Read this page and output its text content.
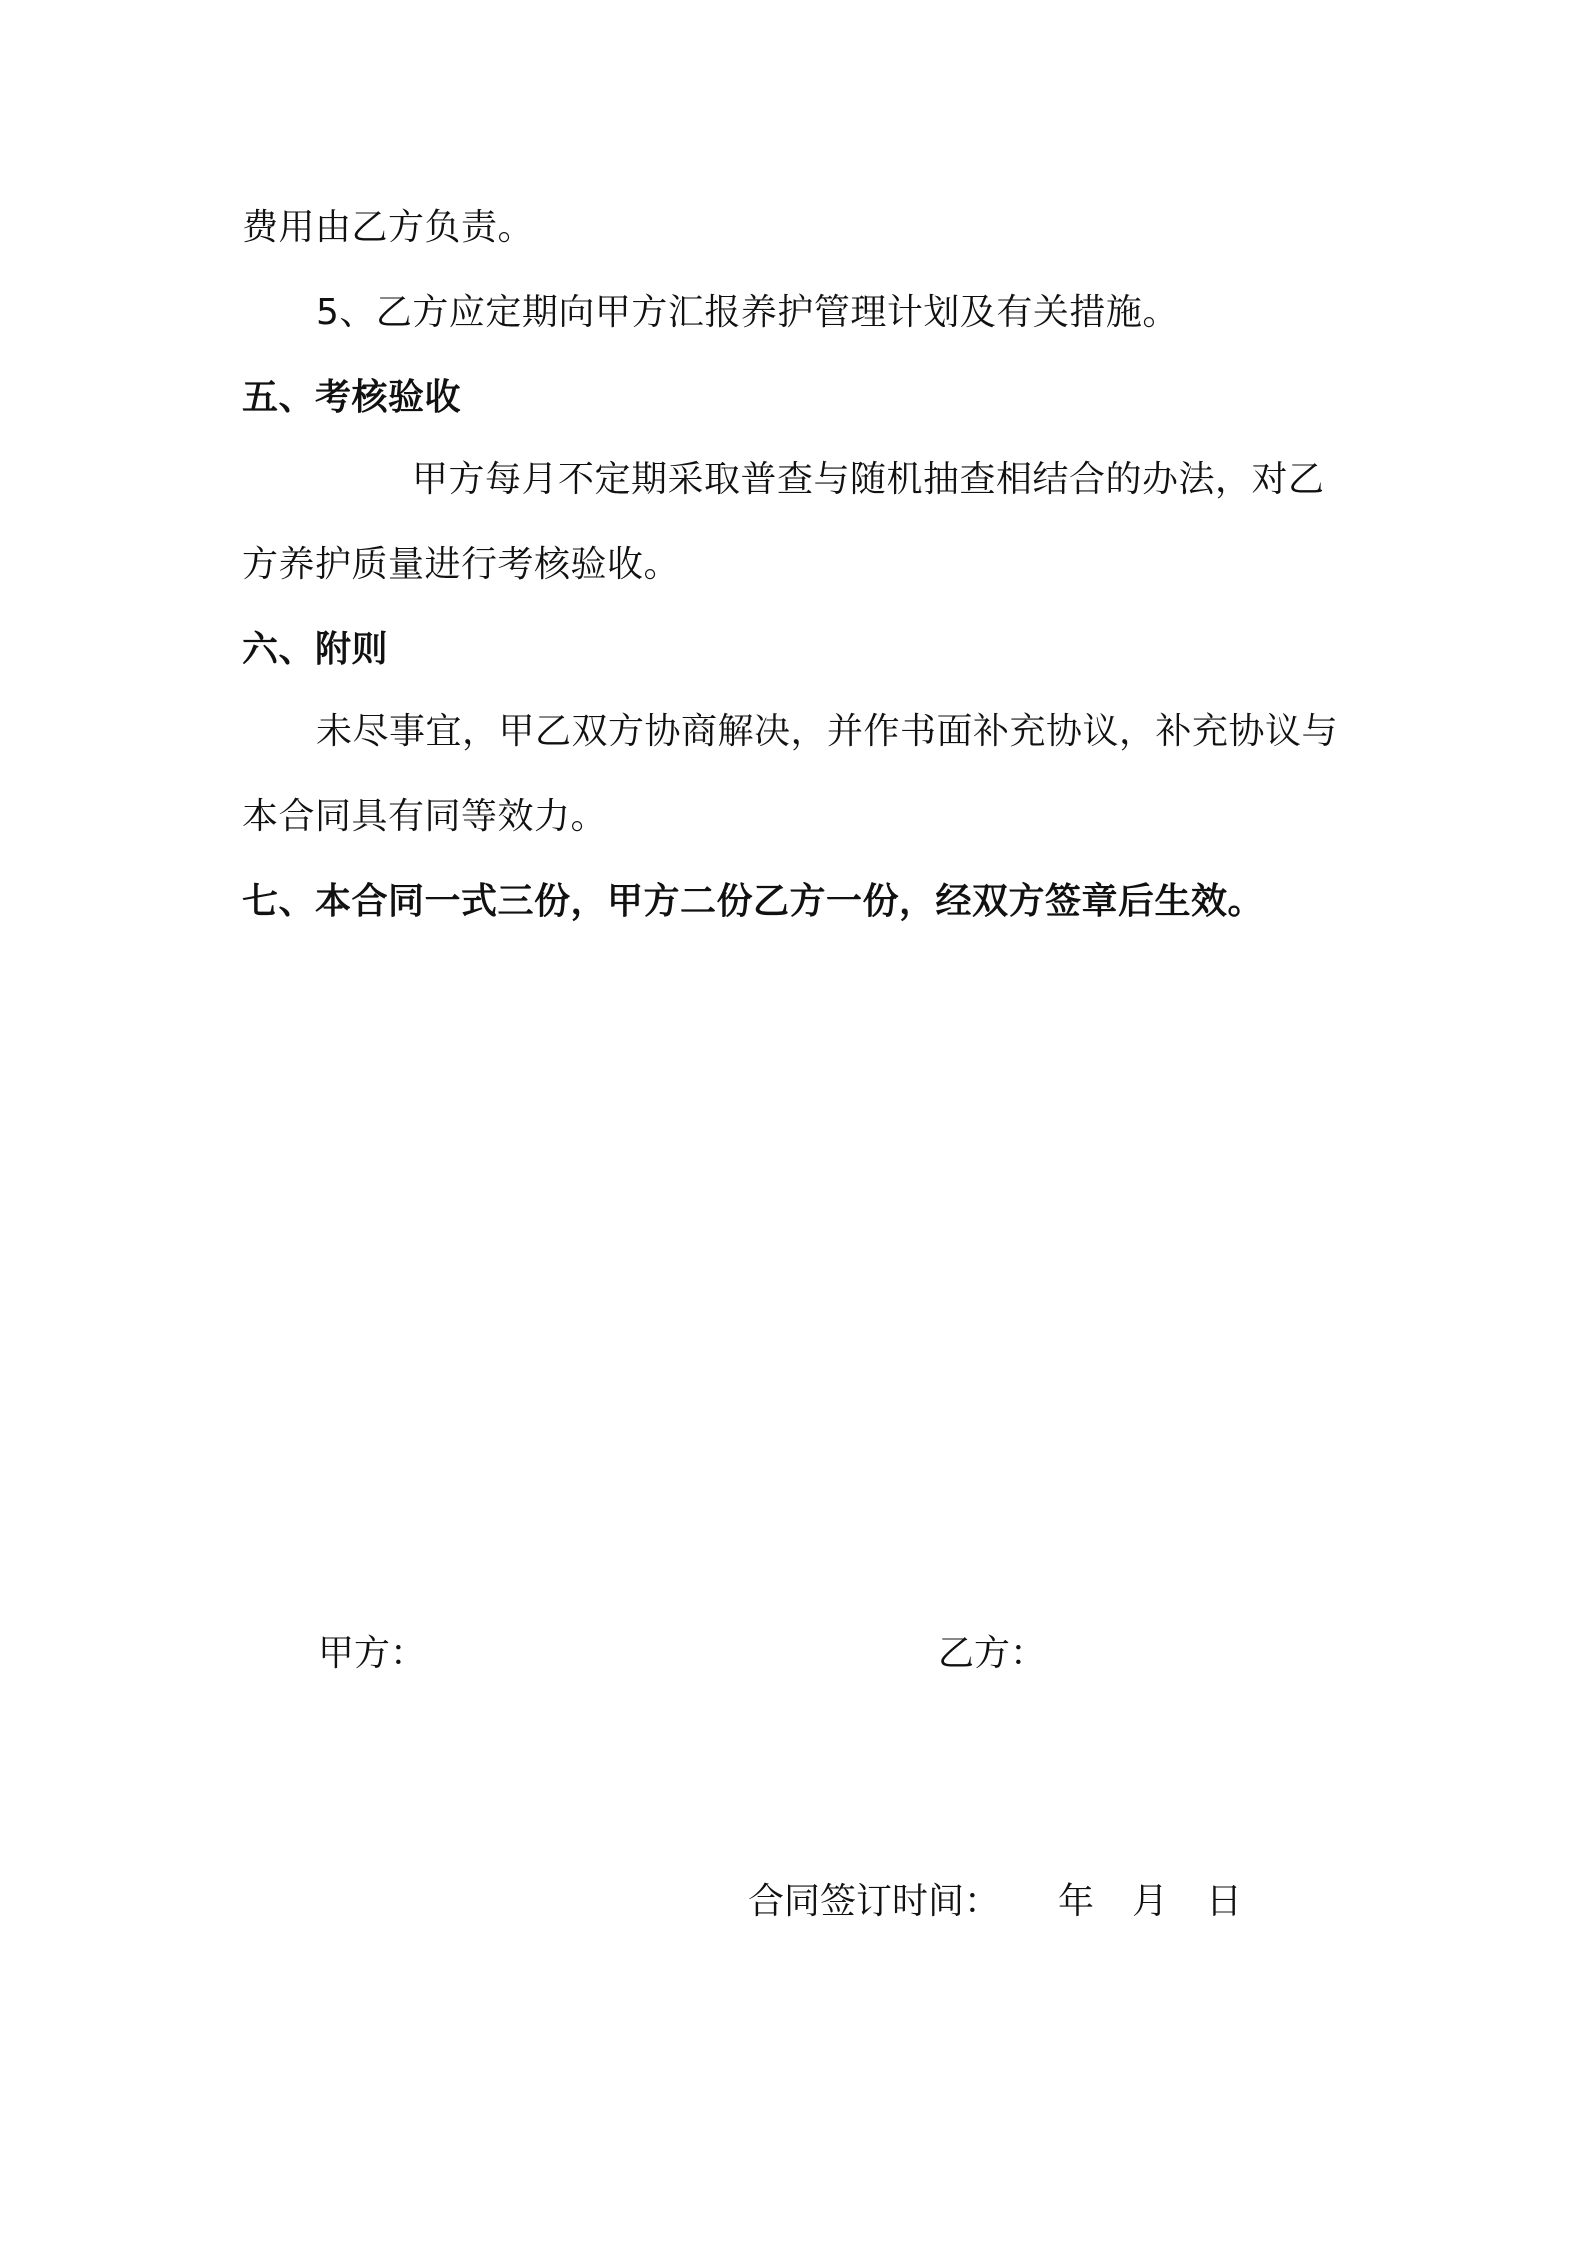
费用由乙方负责。
5、乙方应定期向甲方汇报养护管理计划及有关措施。
五、考核验收
甲方每月不定期采取普查与随机抽查相结合的办法，对乙
方养护质量进行考核验收。
六、附则
未尽事宜，甲乙双方协商解决，并作书面补充协议，补充协议与
本合同具有同等效力。
七、本合同一式三份，甲方二份乙方一份，经双方签章后生效。
甲方：	乙方：
合同签订时间： 年 月 日
